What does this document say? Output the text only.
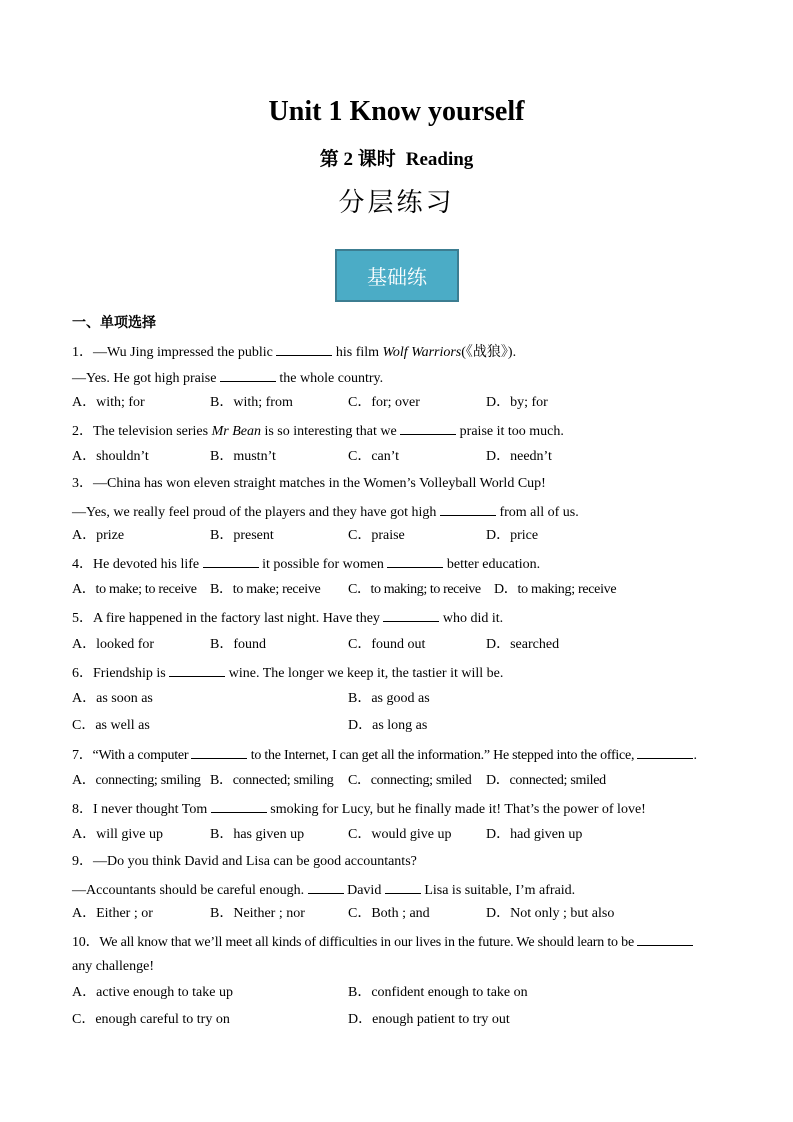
Unit 1 Know yourself
第 2 课时 Reading
分层练习
基础练
一、单项选择
1．—Wu Jing impressed the public	his film Wolf Warriors(《战狼》).
—Yes. He got high praise	the whole country.
A．with; for	B．with; from	C．for; over	D．by; for
2．The television series Mr Bean is so interesting that we	praise it too much.
A．shouldn’t	B．mustn’t	C．can’t	D．needn’t
3．—China has won eleven straight matches in the Women’s Volleyball World Cup!
—Yes, we really feel proud of the players and they have got high	from all of us.
A．prize	B．present	C．praise	D．price
4．He devoted his life	it possible for women	better education.
A．to make; to receive B．to make; receive C．to making; to receive D．to making; receive
5．A fire happened in the factory last night. Have they	who did it.
A．looked for	B．found	C．found out	D．searched
6．Friendship is	wine. The longer we keep it, the tastier it will be.
A．as soon as	B．as good as
C．as well as	D．as long as
7．“With a computer	to the Internet, I can get all the information.” He stepped into the office,	.
A．connecting; smiling B．connected; smiling C．connecting; smiled D．connected; smiled
8．I never thought Tom	smoking for Lucy, but he finally made it! That’s the power of love!
A．will give up	B．has given up	C．would give up D．had given up
9．—Do you think David and Lisa can be good accountants?
—Accountants should be careful enough.	David	Lisa is suitable, I’m afraid.
A．Either ; or	B．Neither ; nor	C．Both ; and	D．Not only ; but also
10．We all know that we’ll meet all kinds of difficulties in our lives in the future. We should learn to be
any challenge!
A．active enough to take up	B．confident enough to take on
C．enough careful to try on	D．enough patient to try out
